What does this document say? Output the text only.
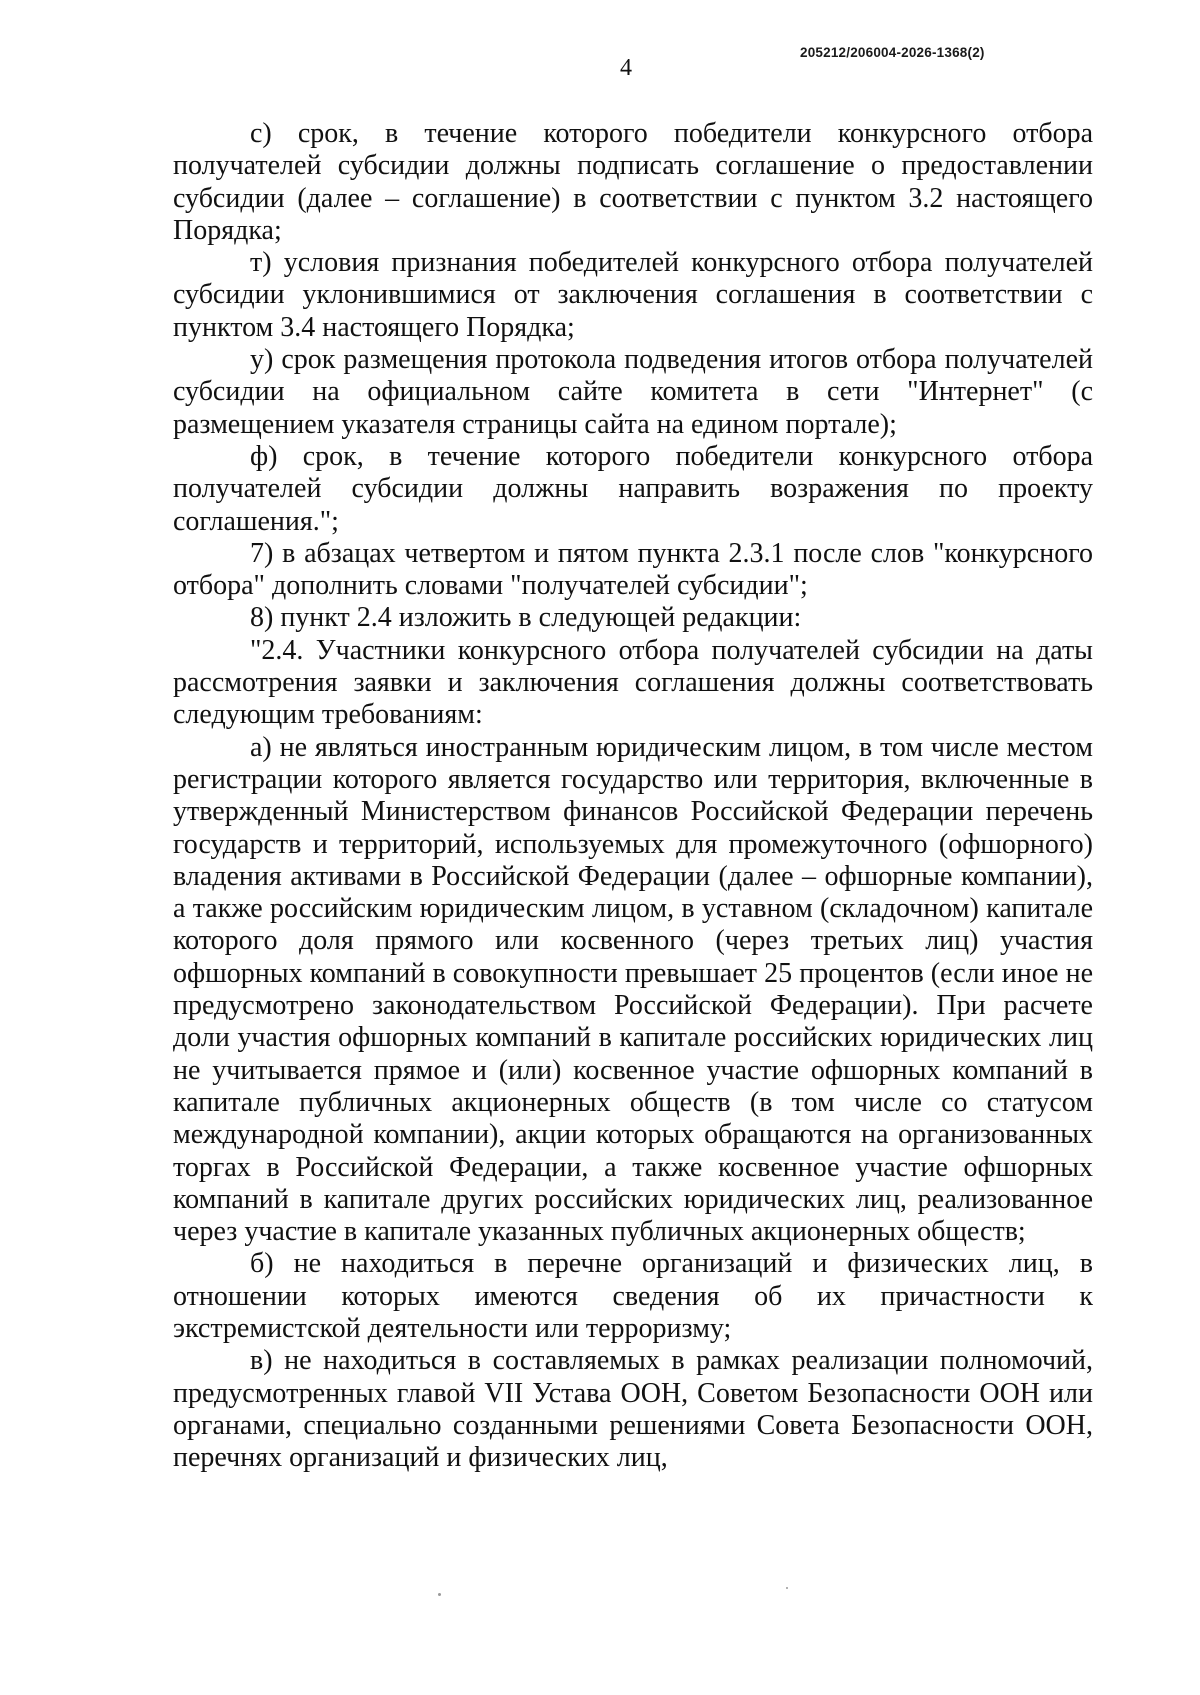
4
205212/206004-2026-1368(2)

с) срок, в течение которого победители конкурсного отбора получателей субсидии должны подписать соглашение о предоставлении субсидии (далее – соглашение) в соответствии с пунктом 3.2 настоящего Порядка;

т) условия признания победителей конкурсного отбора получателей субсидии уклонившимися от заключения соглашения в соответствии с пунктом 3.4 настоящего Порядка;

у) срок размещения протокола подведения итогов отбора получателей субсидии на официальном сайте комитета в сети "Интернет" (с размещением указателя страницы сайта на едином портале);

ф) срок, в течение которого победители конкурсного отбора получателей субсидии должны направить возражения по проекту соглашения.";

7) в абзацах четвертом и пятом пункта 2.3.1 после слов "конкурсного отбора" дополнить словами "получателей субсидии";

8) пункт 2.4 изложить в следующей редакции:

"2.4. Участники конкурсного отбора получателей субсидии на даты рассмотрения заявки и заключения соглашения должны соответствовать следующим требованиям:

а) не являться иностранным юридическим лицом, в том числе местом регистрации которого является государство или территория, включенные в утвержденный Министерством финансов Российской Федерации перечень государств и территорий, используемых для промежуточного (офшорного) владения активами в Российской Федерации (далее – офшорные компании), а также российским юридическим лицом, в уставном (складочном) капитале которого доля прямого или косвенного (через третьих лиц) участия офшорных компаний в совокупности превышает 25 процентов (если иное не предусмотрено законодательством Российской Федерации). При расчете доли участия офшорных компаний в капитале российских юридических лиц не учитывается прямое и (или) косвенное участие офшорных компаний в капитале публичных акционерных обществ (в том числе со статусом международной компании), акции которых обращаются на организованных торгах в Российской Федерации, а также косвенное участие офшорных компаний в капитале других российских юридических лиц, реализованное через участие в капитале указанных публичных акционерных обществ;

б) не находиться в перечне организаций и физических лиц, в отношении которых имеются сведения об их причастности к экстремистской деятельности или терроризму;

в) не находиться в составляемых в рамках реализации полномочий, предусмотренных главой VII Устава ООН, Советом Безопасности ООН или органами, специально созданными решениями Совета Безопасности ООН, перечнях организаций и физических лиц,
